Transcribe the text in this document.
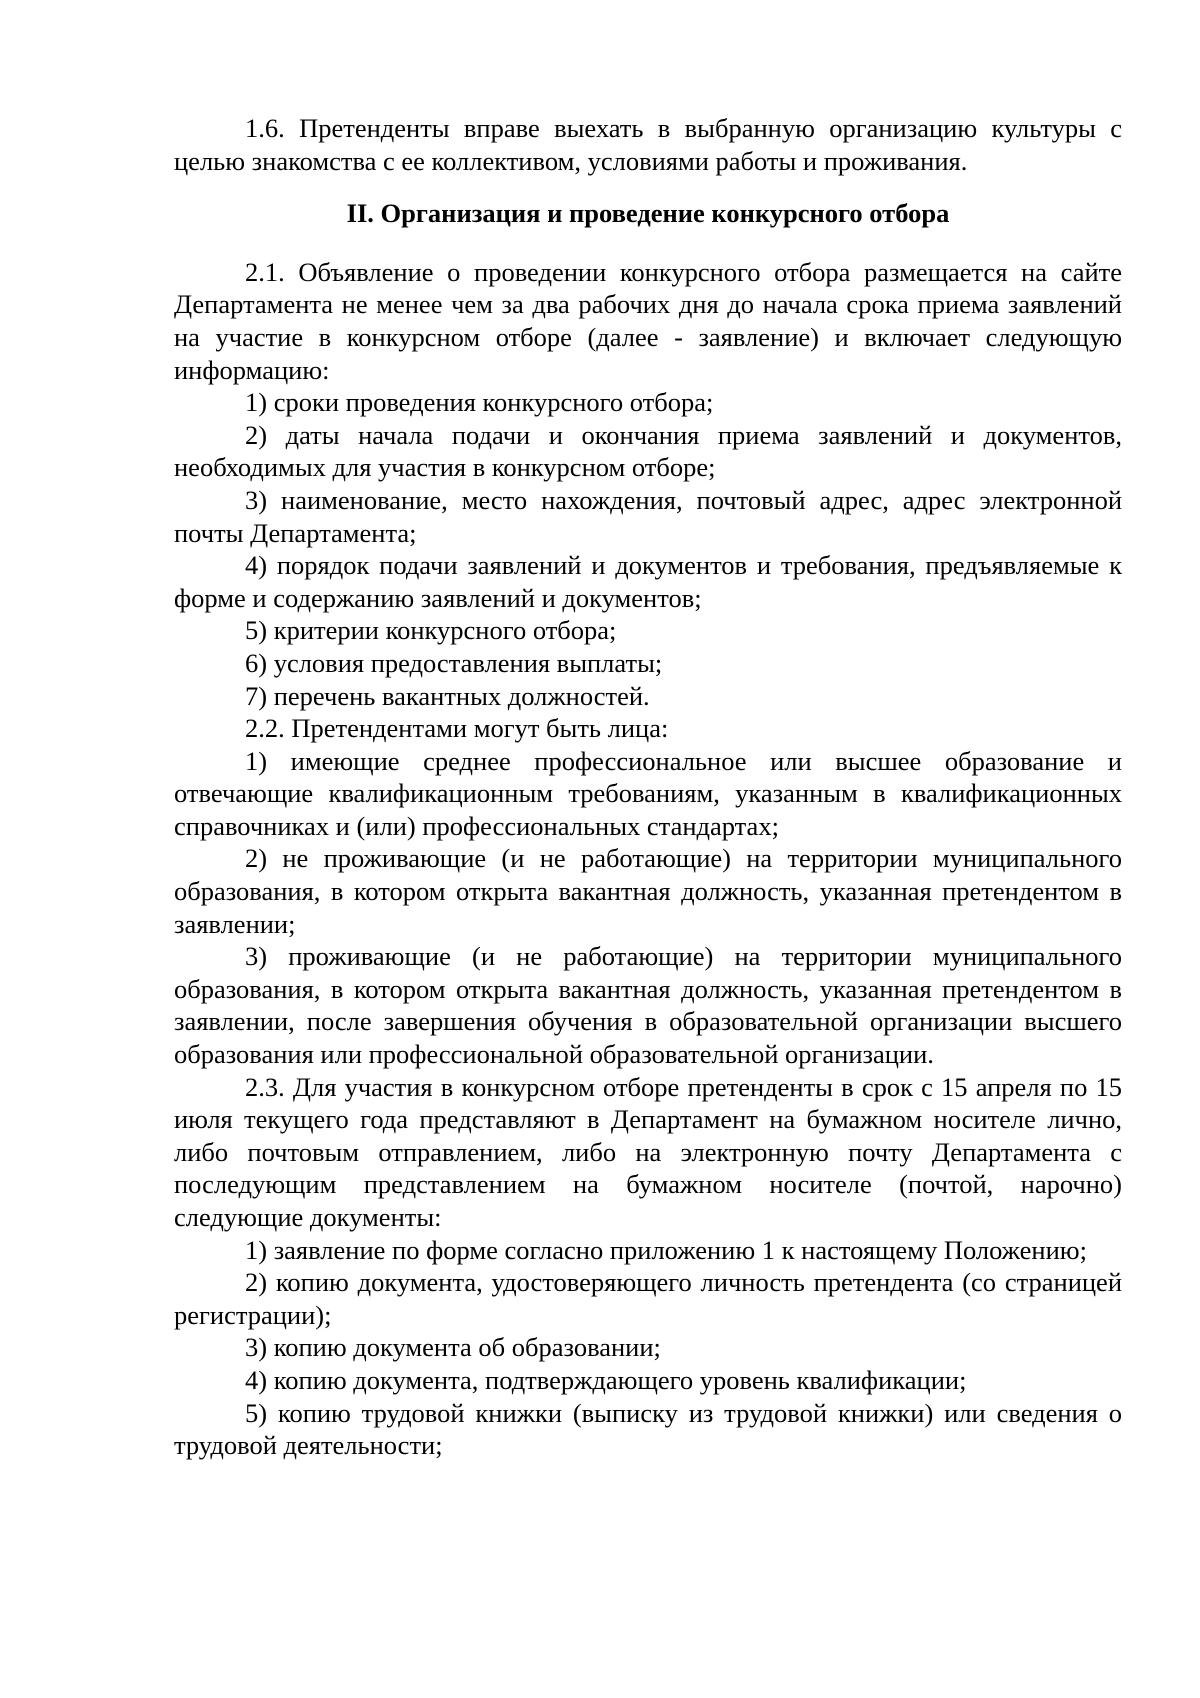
1.6. Претенденты вправе выехать в выбранную организацию культуры с целью знакомства с ее коллективом, условиями работы и проживания.

II. Организация и проведение конкурсного отбора

2.1. Объявление о проведении конкурсного отбора размещается на сайте Департамента не менее чем за два рабочих дня до начала срока приема заявлений на участие в конкурсном отборе (далее - заявление) и включает следующую информацию:

1) сроки проведения конкурсного отбора;

2) даты начала подачи и окончания приема заявлений и документов, необходимых для участия в конкурсном отборе;

3) наименование, место нахождения, почтовый адрес, адрес электронной почты Департамента;

4) порядок подачи заявлений и документов и требования, предъявляемые к форме и содержанию заявлений и документов;

5) критерии конкурсного отбора;

6) условия предоставления выплаты;

7) перечень вакантных должностей.

2.2. Претендентами могут быть лица:

1) имеющие среднее профессиональное или высшее образование и отвечающие квалификационным требованиям, указанным в квалификационных справочниках и (или) профессиональных стандартах;

2) не проживающие (и не работающие) на территории муниципального образования, в котором открыта вакантная должность, указанная претендентом в заявлении;

3) проживающие (и не работающие) на территории муниципального образования, в котором открыта вакантная должность, указанная претендентом в заявлении, после завершения обучения в образовательной организации высшего образования или профессиональной образовательной организации.

2.3. Для участия в конкурсном отборе претенденты в срок с 15 апреля по 15 июля текущего года представляют в Департамент на бумажном носителе лично, либо почтовым отправлением, либо на электронную почту Департамента с последующим представлением на бумажном носителе (почтой, нарочно) следующие документы:

1) заявление по форме согласно приложению 1 к настоящему Положению;

2) копию документа, удостоверяющего личность претендента (со страницей регистрации);

3) копию документа об образовании;

4) копию документа, подтверждающего уровень квалификации;

5) копию трудовой книжки (выписку из трудовой книжки) или сведения о трудовой деятельности;
